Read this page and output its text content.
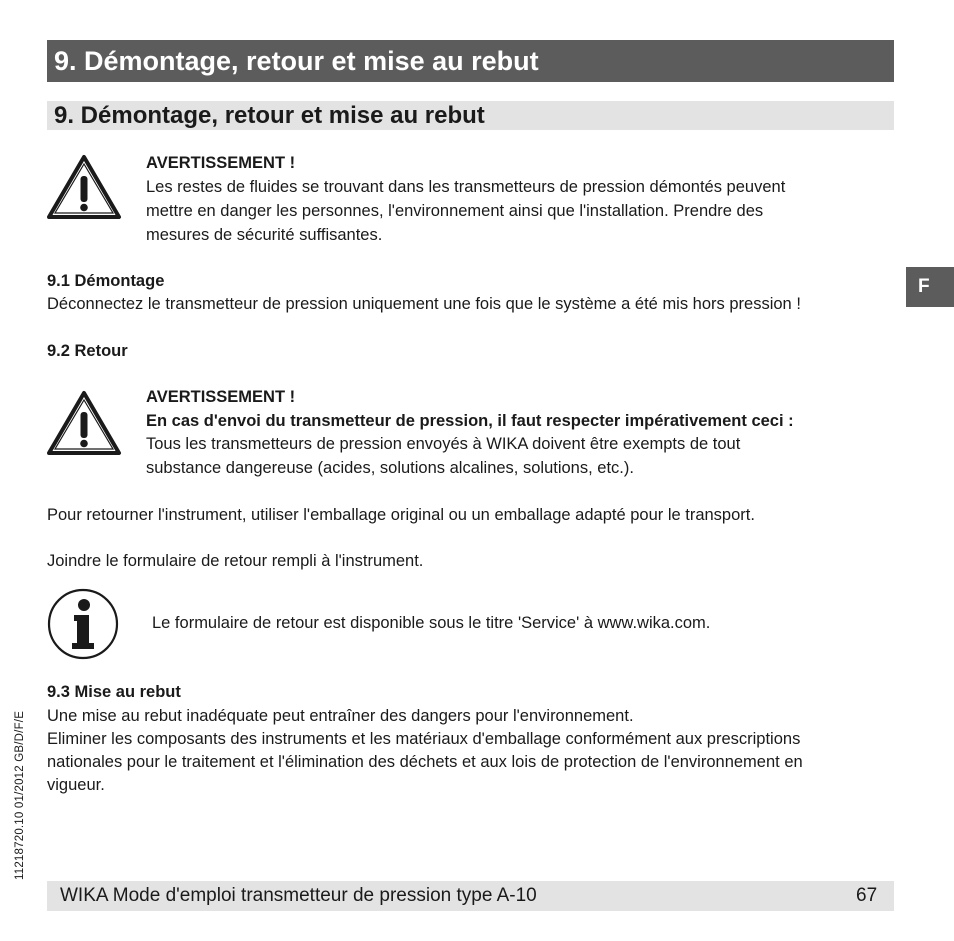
9. Démontage, retour et mise au rebut
9. Démontage, retour et mise au rebut
AVERTISSEMENT !
Les restes de fluides se trouvant dans les transmetteurs de pression démontés peuvent
mettre en danger les personnes, l'environnement ainsi que l'installation. Prendre des
mesures de sécurité suffisantes.
9.1 Démontage
Déconnectez le transmetteur de pression uniquement une fois que le système a été mis hors pression !
9.2 Retour
AVERTISSEMENT !
En cas d'envoi du transmetteur de pression, il faut respecter impérativement ceci :
Tous les transmetteurs de pression envoyés à WIKA doivent être exempts de tout
substance dangereuse (acides, solutions alcalines, solutions, etc.).
Pour retourner l'instrument, utiliser l'emballage original ou un emballage adapté pour le transport.
Joindre le formulaire de retour rempli à l'instrument.
Le formulaire de retour est disponible sous le titre 'Service' à www.wika.com.
9.3 Mise au rebut
Une mise au rebut inadéquate peut entraîner des dangers pour l'environnement.
Eliminer les composants des instruments et les matériaux d'emballage conformément aux prescriptions
nationales pour le traitement et l'élimination des déchets et aux lois de protection de l'environnement en
vigueur.
F
11218720.10 01/2012 GB/D/F/E
WIKA Mode d'emploi transmetteur de pression type A-10	67
